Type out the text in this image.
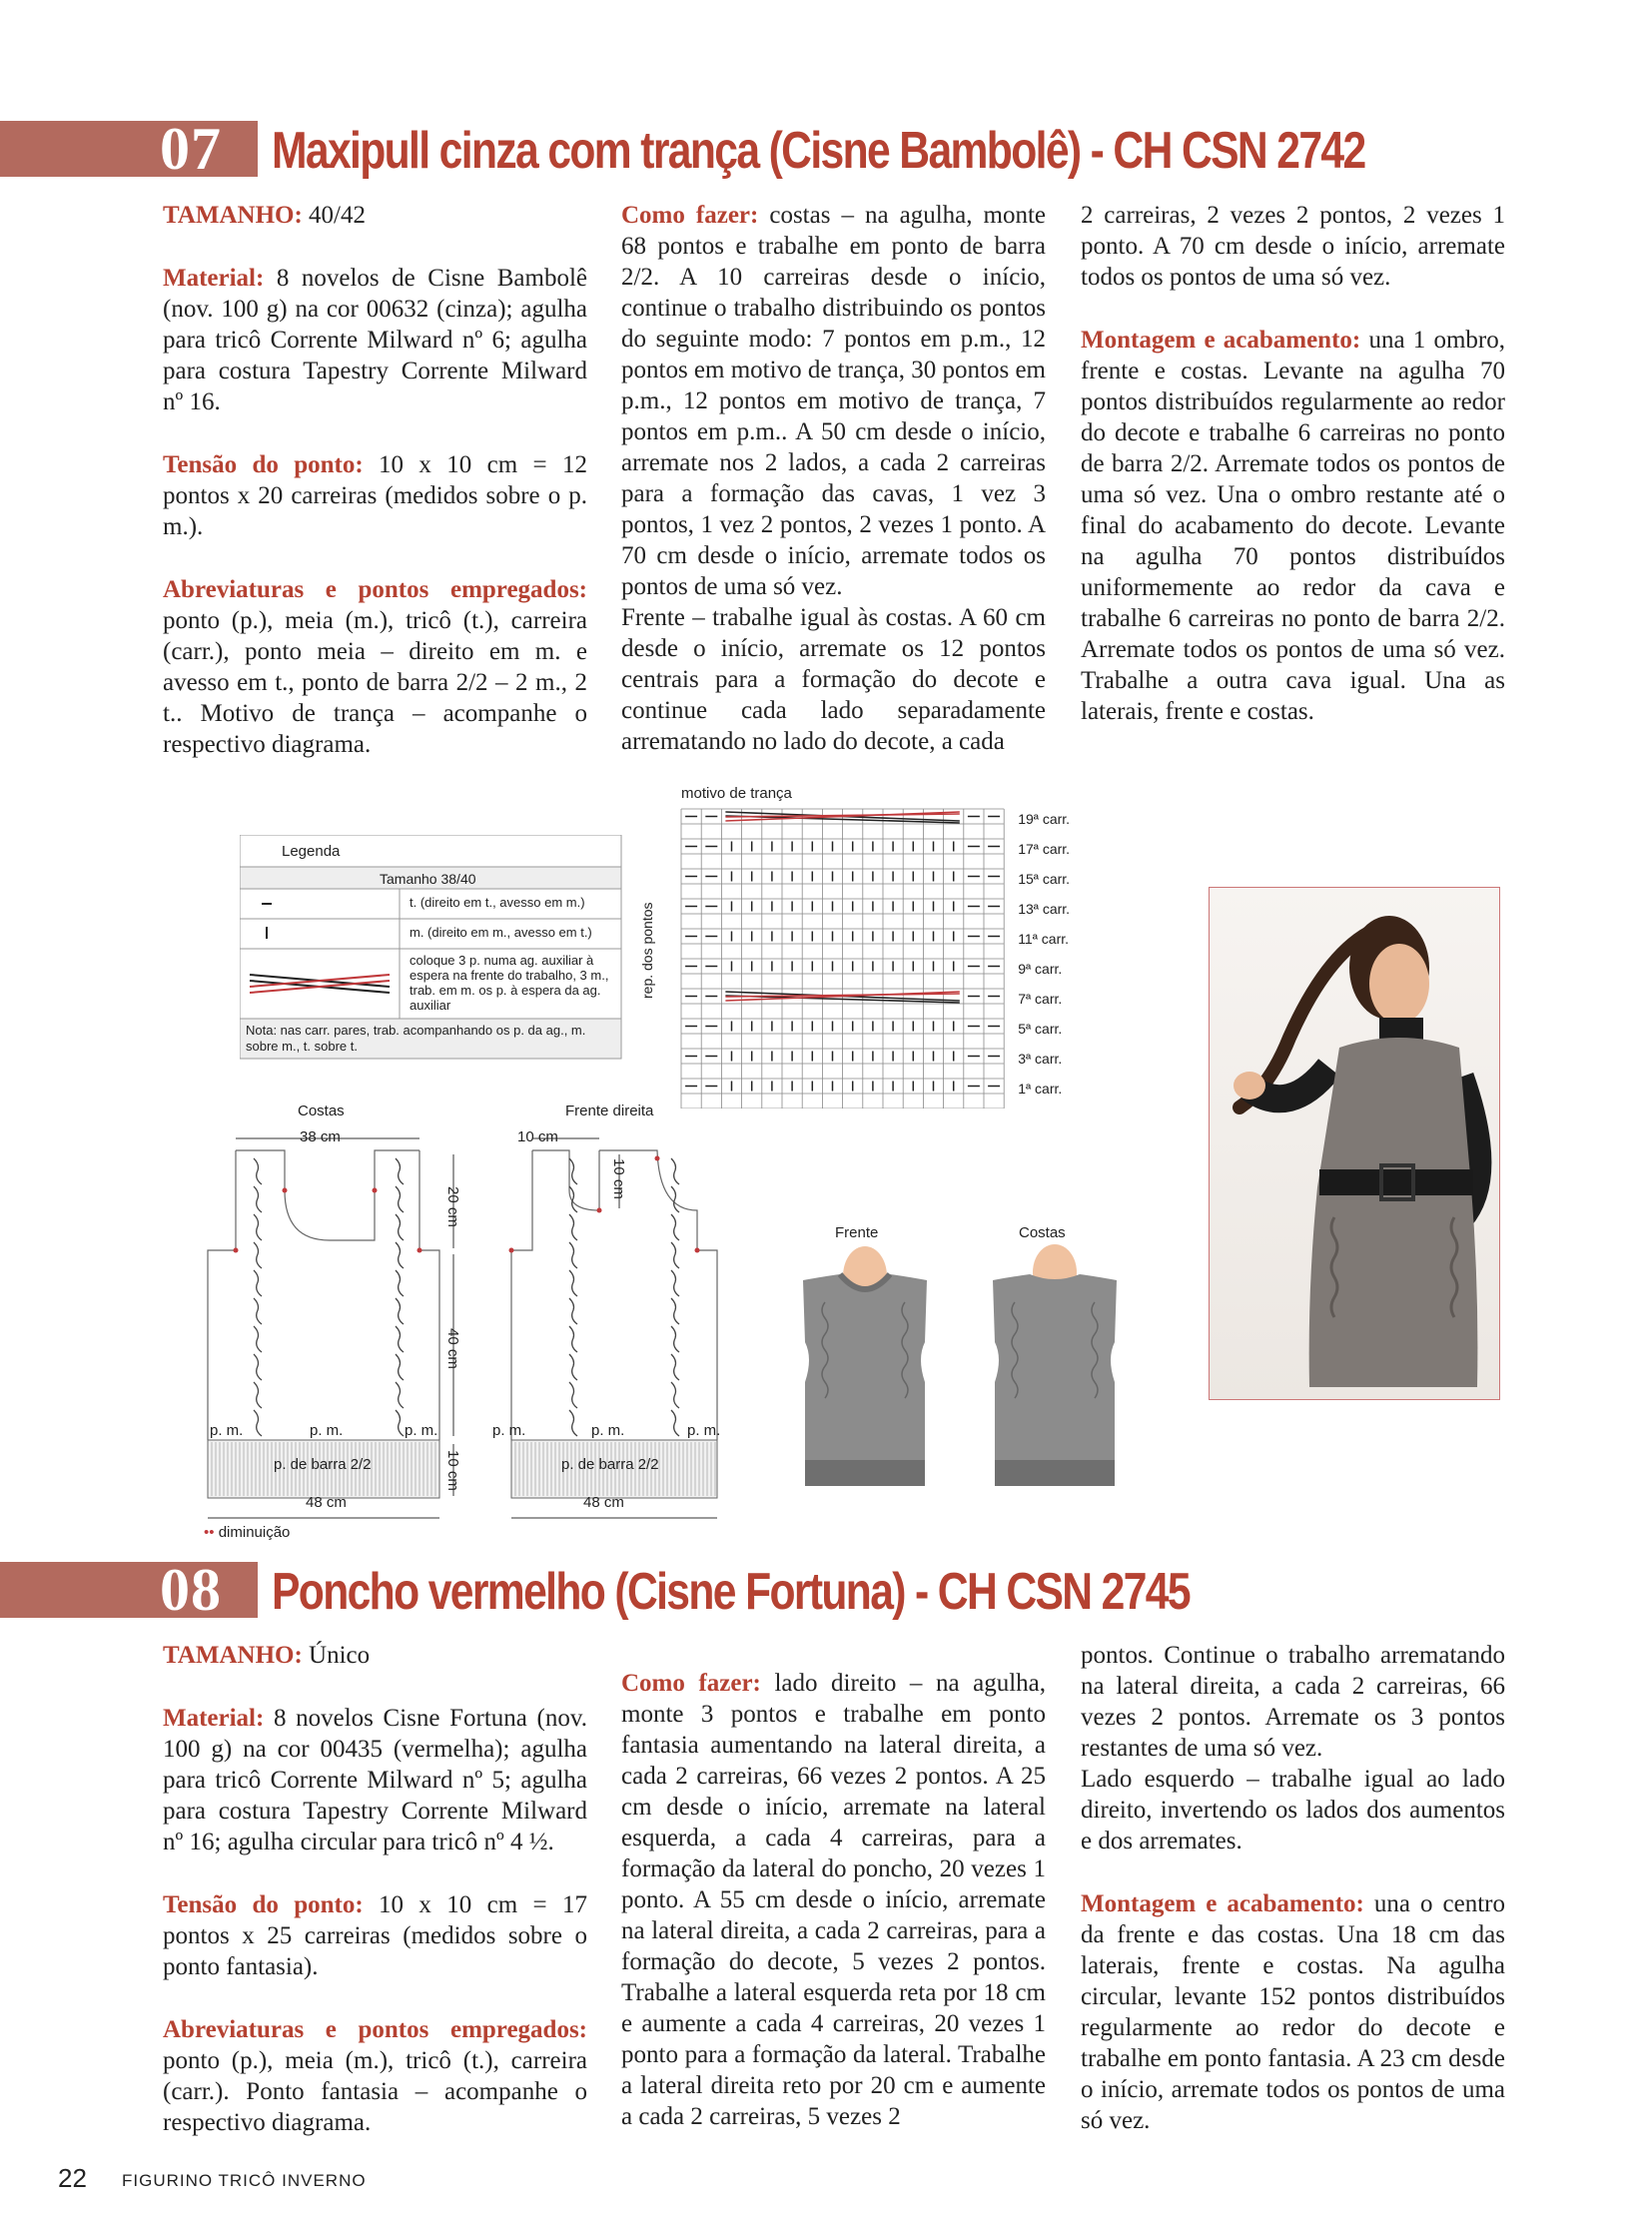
07 Maxipull cinza com trança (Cisne Bambolê) - CH CSN 2742

TAMANHO: 40/42

Material: 8 novelos de Cisne Bambolê (nov. 100 g) na cor 00632 (cinza); agulha para tricô Corrente Milward nº 6; agulha para costura Tapestry Corrente Milward nº 16.

Tensão do ponto: 10 x 10 cm = 12 pontos x 20 carreiras (medidos sobre o p. m.).

Abreviaturas e pontos empregados: ponto (p.), meia (m.), tricô (t.), carreira (carr.), ponto meia – direito em m. e avesso em t., ponto de barra 2/2 – 2 m., 2 t.. Motivo de trança – acompanhe o respectivo diagrama.

Como fazer: costas – na agulha, monte 68 pontos e trabalhe em ponto de barra 2/2. A 10 carreiras desde o início, continue o trabalho distribuindo os pontos do seguinte modo: 7 pontos em p.m., 12 pontos em motivo de trança, 30 pontos em p.m., 12 pontos em motivo de trança, 7 pontos em p.m.. A 50 cm desde o início, arremate nos 2 lados, a cada 2 carreiras para a formação das cavas, 1 vez 3 pontos, 1 vez 2 pontos, 2 vezes 1 ponto. A 70 cm desde o início, arremate todos os pontos de uma só vez.

Frente – trabalhe igual às costas. A 60 cm desde o início, arremate os 12 pontos centrais para a formação do decote e continue cada lado separadamente arrematando no lado do decote, a cada

2 carreiras, 2 vezes 2 pontos, 2 vezes 1 ponto. A 70 cm desde o início, arremate todos os pontos de uma só vez.

Montagem e acabamento: una 1 ombro, frente e costas. Levante na agulha 70 pontos distribuídos regularmente ao redor do decote e trabalhe 6 carreiras no ponto de barra 2/2. Arremate todos os pontos de uma só vez. Una o ombro restante até o final do acabamento do decote. Levante na agulha 70 pontos distribuídos uniformemente ao redor da cava e trabalhe 6 carreiras no ponto de barra 2/2. Arremate todos os pontos de uma só vez. Trabalhe a outra cava igual. Una as laterais, frente e costas.

Legenda
Tamanho 38/40
t. (direito em t., avesso em m.)
m. (direito em m., avesso em t.)
coloque 3 p. numa ag. auxiliar à espera na frente do trabalho, 3 m., trab. em m. os p. à espera da ag. auxiliar
Nota: nas carr. pares, trab. acompanhando os p. da ag., m. sobre m., t. sobre t.
motivo de trança
rep. dos pontos
19ª carr.
17ª carr.
15ª carr.
13ª carr.
11ª carr.
9ª carr.
7ª carr.
5ª carr.
3ª carr.
1ª carr.
Costas	Frente direita
38 cm	10 cm
20 cm
10 cm
40 cm
10 cm
p. m.	p. m.	p. m.	p. m.	p. m.	p. m.
p. de barra 2/2	p. de barra 2/2
48 cm	48 cm
•• diminuição
Frente	Costas
08 Poncho vermelho (Cisne Fortuna) - CH CSN 2745

TAMANHO: Único

Material: 8 novelos Cisne Fortuna (nov. 100 g) na cor 00435 (vermelha); agulha para tricô Corrente Milward nº 5; agulha para costura Tapestry Corrente Milward nº 16; agulha circular para tricô nº 4 ½.

Tensão do ponto: 10 x 10 cm = 17 pontos x 25 carreiras (medidos sobre o ponto fantasia).

Abreviaturas e pontos empregados: ponto (p.), meia (m.), tricô (t.), carreira (carr.). Ponto fantasia – acompanhe o respectivo diagrama.

Como fazer: lado direito – na agulha, monte 3 pontos e trabalhe em ponto fantasia aumentando na lateral direita, a cada 2 carreiras, 66 vezes 2 pontos. A 25 cm desde o início, arremate na lateral esquerda, a cada 4 carreiras, para a formação da lateral do poncho, 20 vezes 1 ponto. A 55 cm desde o início, arremate na lateral direita, a cada 2 carreiras, para a formação do decote, 5 vezes 2 pontos. Trabalhe a lateral esquerda reta por 18 cm e aumente a cada 4 carreiras, 20 vezes 1 ponto para a formação da lateral. Trabalhe a lateral direita reto por 20 cm e aumente a cada 2 carreiras, 5 vezes 2

pontos. Continue o trabalho arrematando na lateral direita, a cada 2 carreiras, 66 vezes 2 pontos. Arremate os 3 pontos restantes de uma só vez.

Lado esquerdo – trabalhe igual ao lado direito, invertendo os lados dos aumentos e dos arremates.

Montagem e acabamento: una o centro da frente e das costas. Una 18 cm das laterais, frente e costas. Na agulha circular, levante 152 pontos distribuídos regularmente ao redor do decote e trabalhe em ponto fantasia. A 23 cm desde o início, arremate todos os pontos de uma só vez.

22 FIGURINO TRICÔ INVERNO
